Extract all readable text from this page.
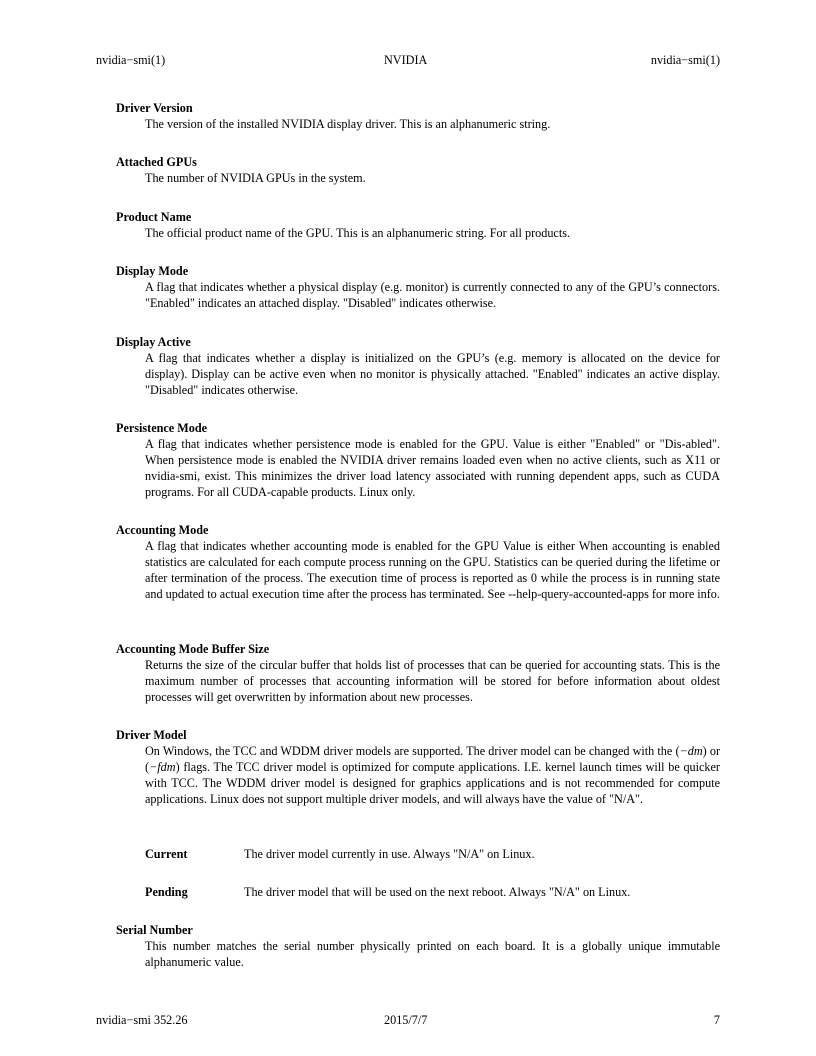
nvidia−smi(1)	NVIDIA	nvidia−smi(1)
Driver Version
The version of the installed NVIDIA display driver. This is an alphanumeric string.
Attached GPUs
The number of NVIDIA GPUs in the system.
Product Name
The official product name of the GPU. This is an alphanumeric string. For all products.
Display Mode
A flag that indicates whether a physical display (e.g. monitor) is currently connected to any of the GPU’s connectors. "Enabled" indicates an attached display. "Disabled" indicates otherwise.
Display Active
A flag that indicates whether a display is initialized on the GPU’s (e.g. memory is allocated on the device for display). Display can be active even when no monitor is physically attached. "Enabled" indicates an active display. "Disabled" indicates otherwise.
Persistence Mode
A flag that indicates whether persistence mode is enabled for the GPU. Value is either "Enabled" or "Dis-abled". When persistence mode is enabled the NVIDIA driver remains loaded even when no active clients, such as X11 or nvidia-smi, exist. This minimizes the driver load latency associated with running dependent apps, such as CUDA programs. For all CUDA-capable products. Linux only.
Accounting Mode
A flag that indicates whether accounting mode is enabled for the GPU Value is either When accounting is enabled statistics are calculated for each compute process running on the GPU. Statistics can be queried during the lifetime or after termination of the process. The execution time of process is reported as 0 while the process is in running state and updated to actual execution time after the process has terminated. See --help-query-accounted-apps for more info.
Accounting Mode Buffer Size
Returns the size of the circular buffer that holds list of processes that can be queried for accounting stats. This is the maximum number of processes that accounting information will be stored for before information about oldest processes will get overwritten by information about new processes.
Driver Model
On Windows, the TCC and WDDM driver models are supported. The driver model can be changed with the (−dm) or (−fdm) flags. The TCC driver model is optimized for compute applications. I.E. kernel launch times will be quicker with TCC. The WDDM driver model is designed for graphics applications and is not recommended for compute applications. Linux does not support multiple driver models, and will always have the value of "N/A".
Current	The driver model currently in use. Always "N/A" on Linux.
Pending	The driver model that will be used on the next reboot. Always "N/A" on Linux.
Serial Number
This number matches the serial number physically printed on each board. It is a globally unique immutable alphanumeric value.
nvidia−smi 352.26	2015/7/7	7
